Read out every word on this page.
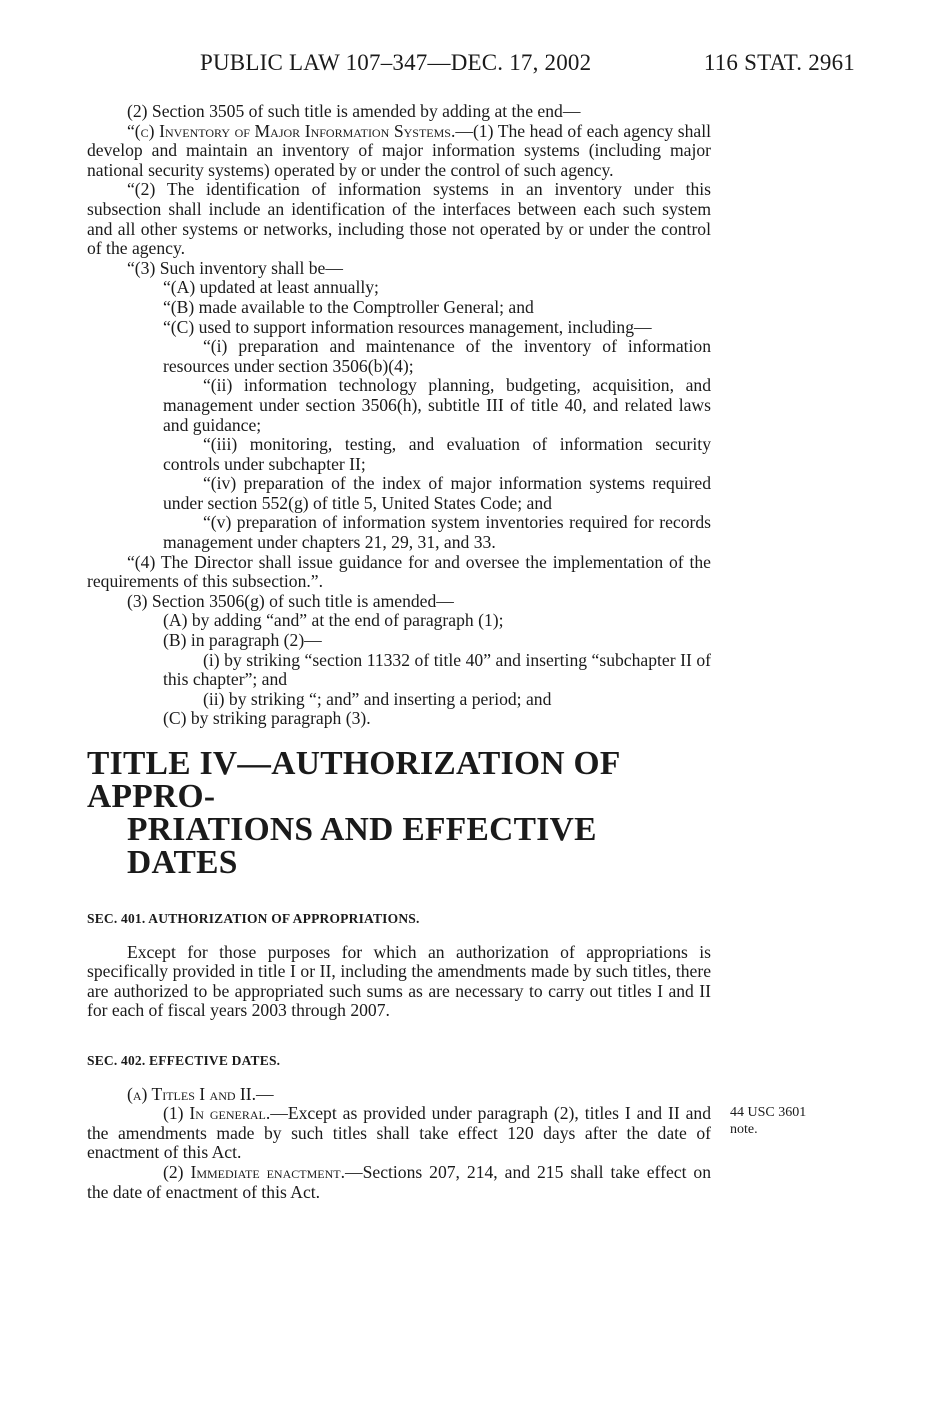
PUBLIC LAW 107–347—DEC. 17, 2002	116 STAT. 2961

(2) Section 3505 of such title is amended by adding at the end—

“(c) Inventory of Major Information Systems.—(1) The head of each agency shall develop and maintain an inventory of major information systems (including major national security systems) operated by or under the control of such agency.

“(2) The identification of information systems in an inventory under this subsection shall include an identification of the interfaces between each such system and all other systems or networks, including those not operated by or under the control of the agency.

“(3) Such inventory shall be—

“(A) updated at least annually;

“(B) made available to the Comptroller General; and

“(C) used to support information resources management, including—

“(i) preparation and maintenance of the inventory of information resources under section 3506(b)(4);

“(ii) information technology planning, budgeting, acquisition, and management under section 3506(h), subtitle III of title 40, and related laws and guidance;

“(iii) monitoring, testing, and evaluation of information security controls under subchapter II;

“(iv) preparation of the index of major information systems required under section 552(g) of title 5, United States Code; and

“(v) preparation of information system inventories required for records management under chapters 21, 29, 31, and 33.

“(4) The Director shall issue guidance for and oversee the implementation of the requirements of this subsection.”.

(3) Section 3506(g) of such title is amended—

(A) by adding “and” at the end of paragraph (1);

(B) in paragraph (2)—

(i) by striking “section 11332 of title 40” and inserting “subchapter II of this chapter”; and

(ii) by striking “; and” and inserting a period; and

(C) by striking paragraph (3).

TITLE IV—AUTHORIZATION OF APPRO-
PRIATIONS AND EFFECTIVE DATES
SEC. 401. AUTHORIZATION OF APPROPRIATIONS.

Except for those purposes for which an authorization of appropriations is specifically provided in title I or II, including the amendments made by such titles, there are authorized to be appropriated such sums as are necessary to carry out titles I and II for each of fiscal years 2003 through 2007.

SEC. 402. EFFECTIVE DATES.

(a) Titles I and II.—

(1) In general.—Except as provided under paragraph (2), titles I and II and the amendments made by such titles shall take effect 120 days after the date of enactment of this Act.

(2) Immediate enactment.—Sections 207, 214, and 215 shall take effect on the date of enactment of this Act.

44 USC 3601
note.
